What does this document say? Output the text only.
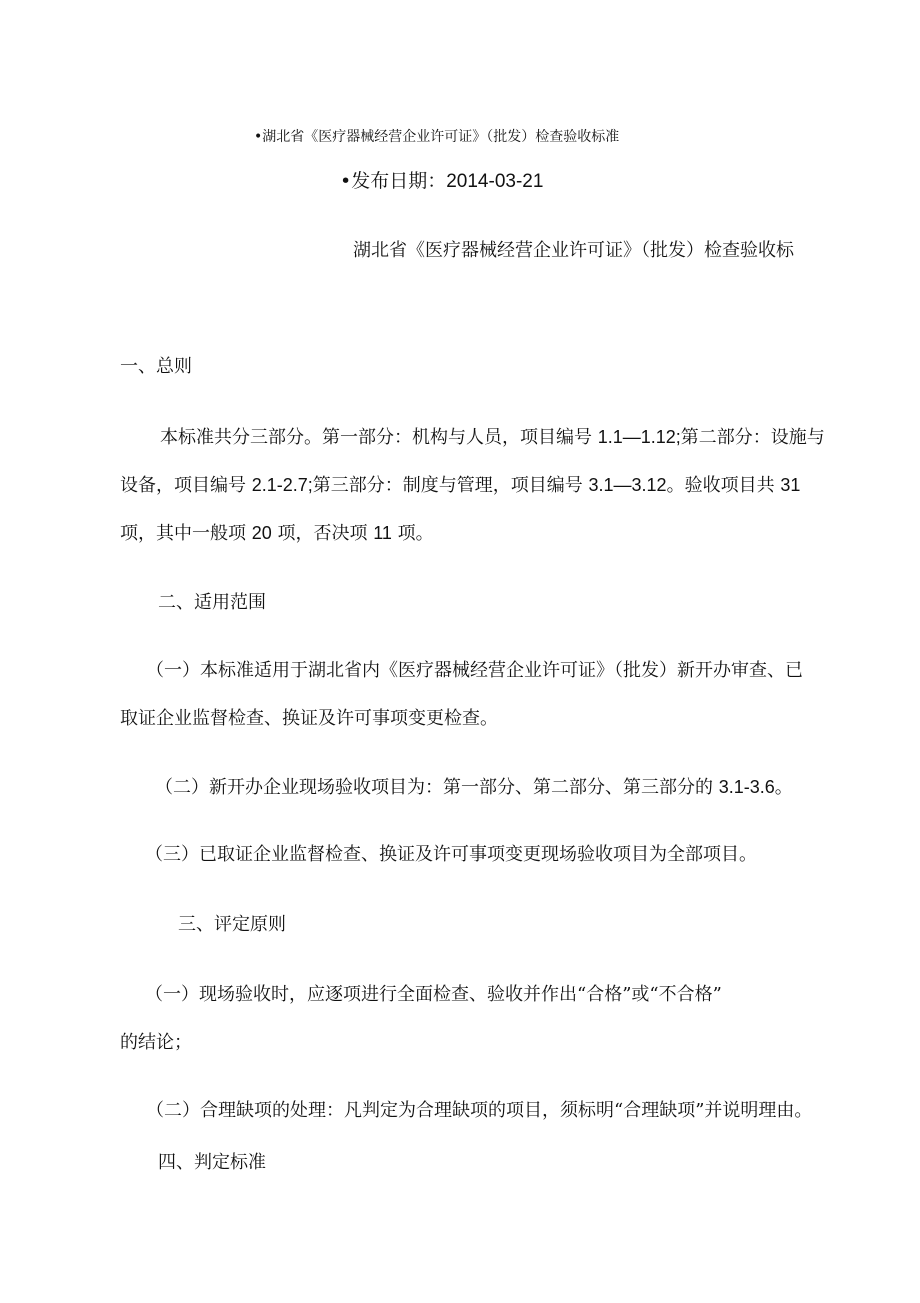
•湖北省《医疗器械经营企业许可证》（批发）检查验收标准
•发布日期：2014-03-21
湖北省《医疗器械经营企业许可证》（批发）检查验收标
一、总则
本标准共分三部分。第一部分：机构与人员，项目编号 1.1—1.12;第二部分：设施与
设备，项目编号 2.1-2.7;第三部分：制度与管理，项目编号 3.1—3.12。验收项目共 31
项，其中一般项 20 项，否决项 11 项。
二、适用范围
（一）本标准适用于湖北省内《医疗器械经营企业许可证》（批发）新开办审查、已
取证企业监督检查、换证及许可事项变更检查。
（二）新开办企业现场验收项目为：第一部分、第二部分、第三部分的 3.1-3.6。
（三）已取证企业监督检查、换证及许可事项变更现场验收项目为全部项目。
三、评定原则
（一）现场验收时，应逐项进行全面检查、验收并作出“合格”或“不合格”
的结论；
（二）合理缺项的处理：凡判定为合理缺项的项目，须标明“合理缺项”并说明理由。
四、判定标准
